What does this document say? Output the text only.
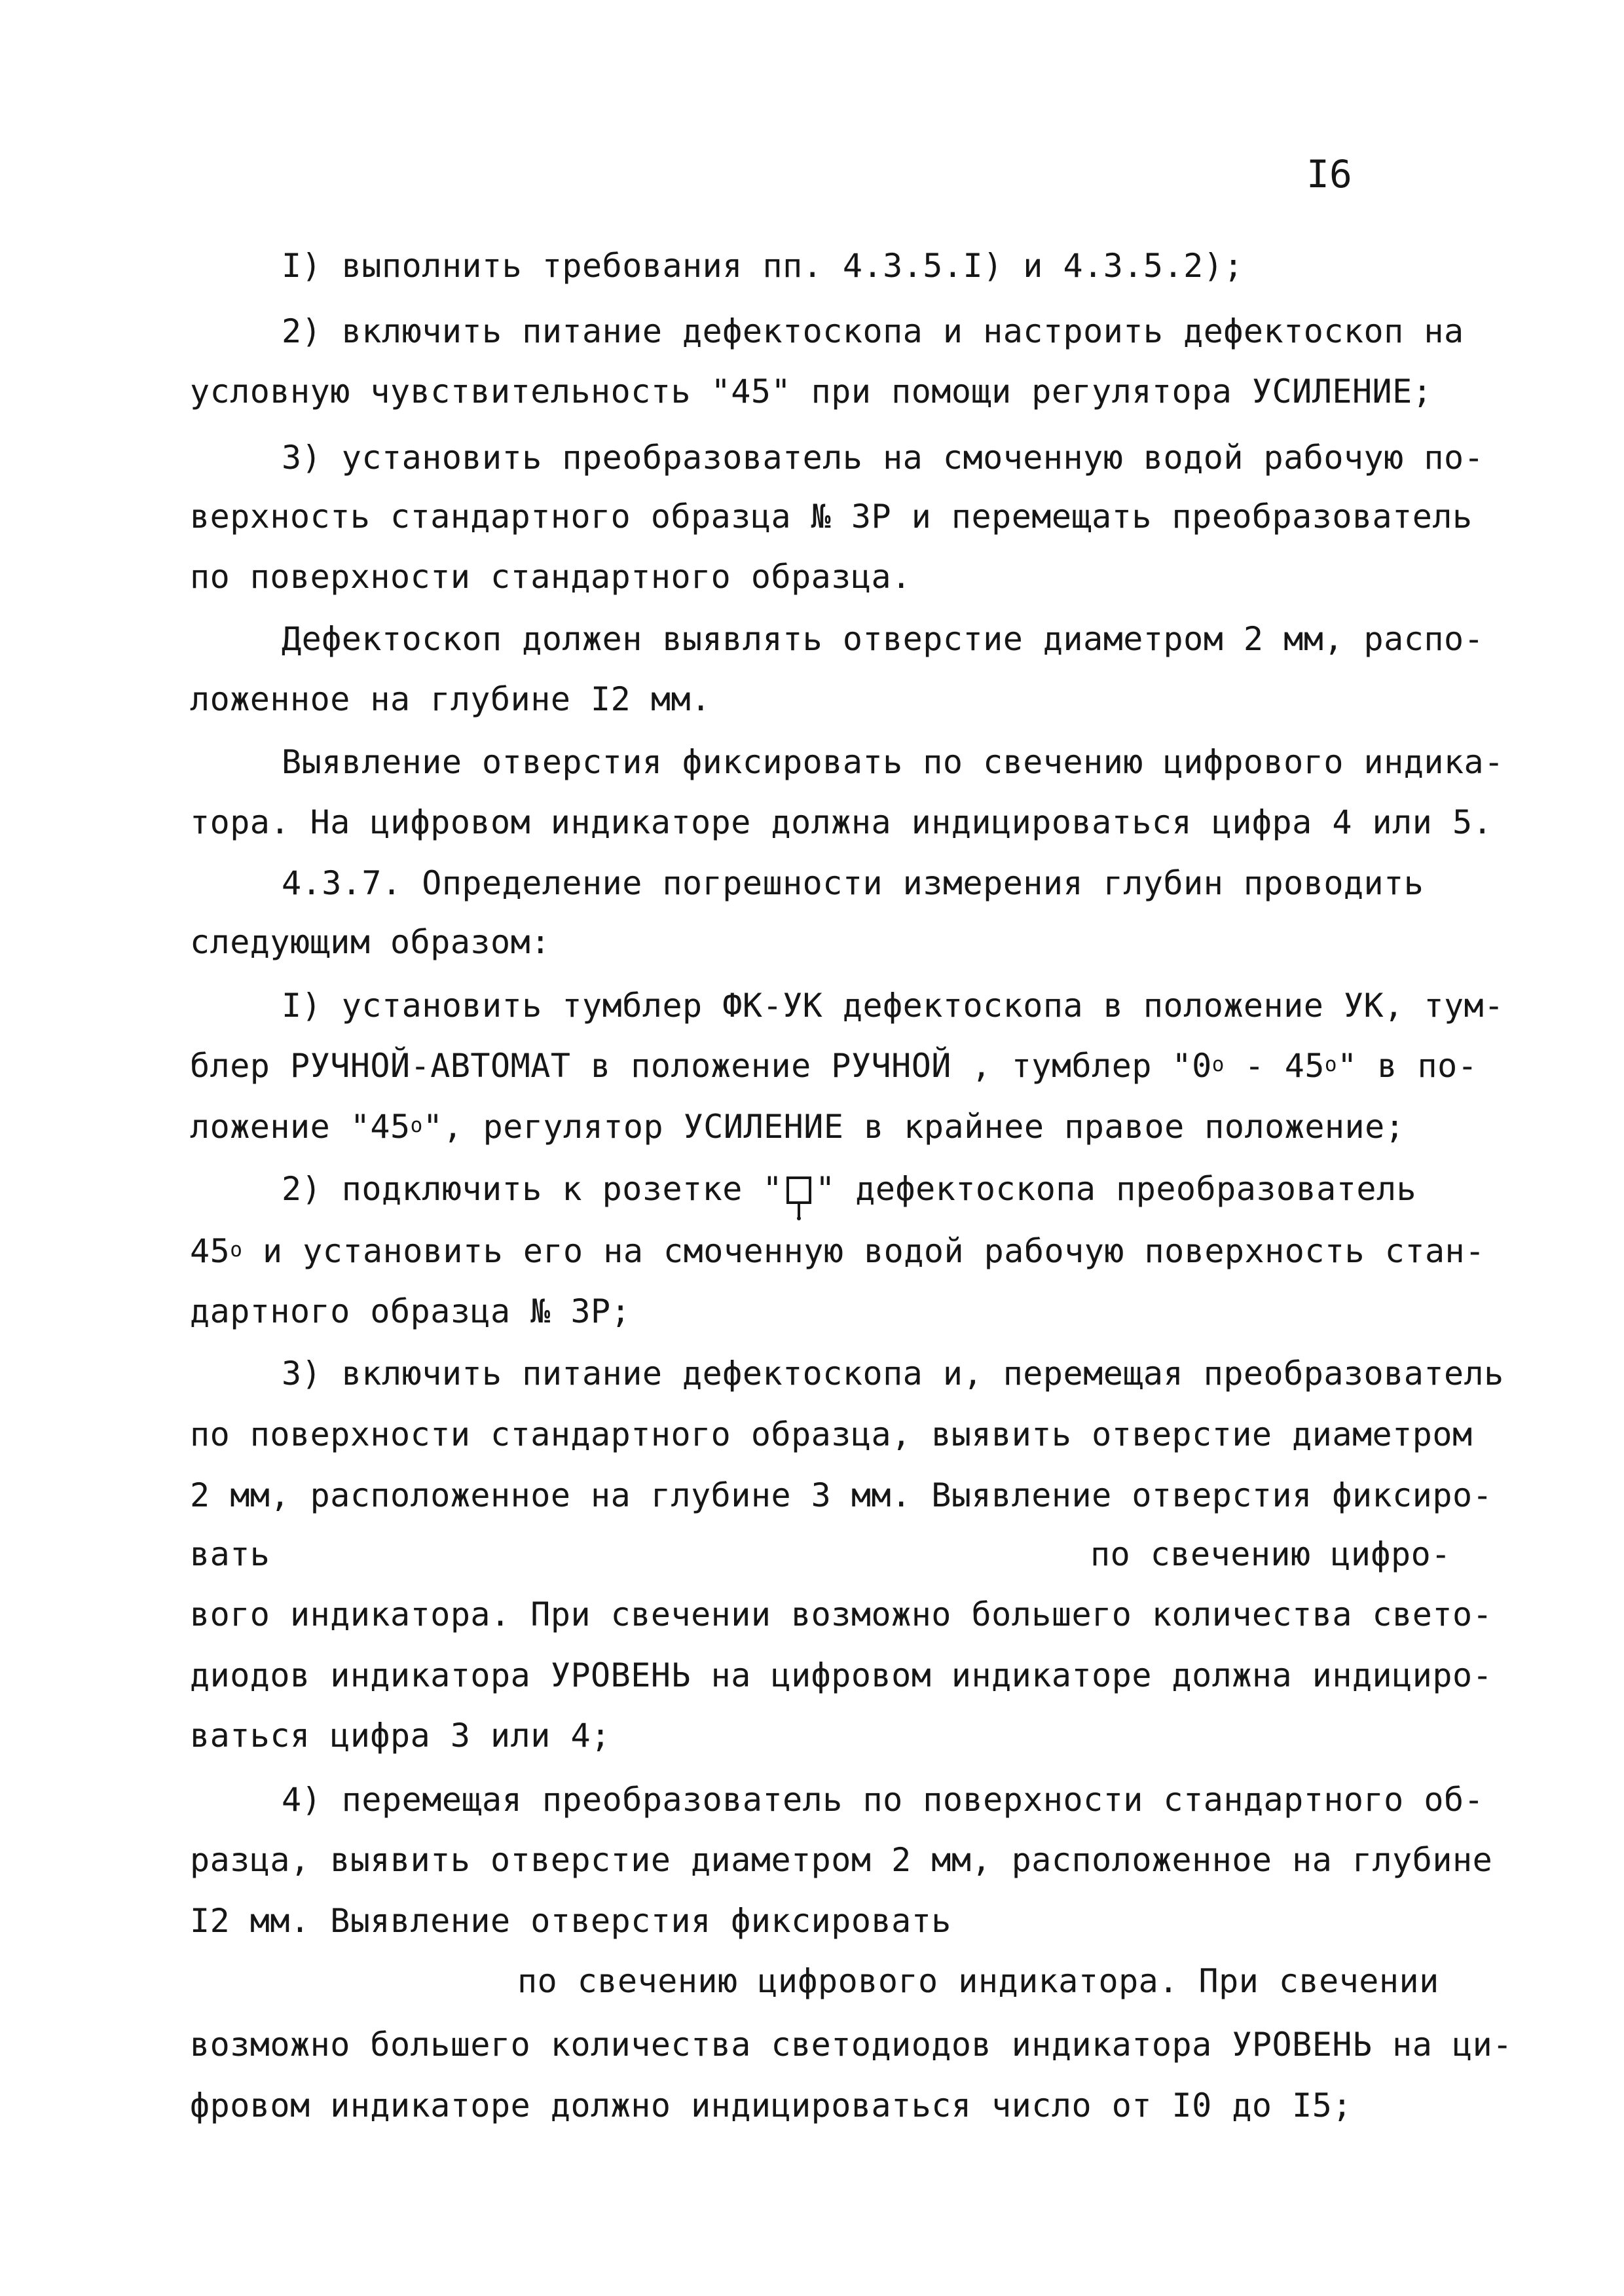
I6
I) выполнить требования пп. 4.3.5.I) и 4.3.5.2);
2) включить питание дефектоскопа и настроить дефектоскоп на
условную чувствительность "45" при помощи регулятора УСИЛЕНИЕ;
3) установить преобразователь на смоченную водой рабочую по-
верхность стандартного образца № 3Р и перемещать преобразователь
по поверхности стандартного образца.
Дефектоскоп должен выявлять отверстие диаметром 2 мм, распо-
ложенное на глубине I2 мм.
Выявление отверстия фиксировать по свечению цифрового индика-
тора. На цифровом индикаторе должна индицироваться цифра 4 или 5.
4.3.7. Определение погрешности измерения глубин проводить
следующим образом:
I) установить тумблер ФК-УК дефектоскопа в положение УК, тум-
блер РУЧНОЙ-АВТОМАТ в положение РУЧНОЙ , тумблер "$0^о - 45^о$" в по-
ложение "$45^о$", регулятор УСИЛЕНИЕ в крайнее правое положение;
2) подключить к розетке " " дефектоскопа преобразователь
$45^о$ и установить его на смоченную водой рабочую поверхность стан-
дартного образца № 3Р;
3) включить питание дефектоскопа и, перемещая преобразователь
по поверхности стандартного образца, выявить отверстие диаметром
2 мм, расположенное на глубине 3 мм. Выявление отверстия фиксиро-
вать	по свечению цифро-
вого индикатора. При свечении возможно большего количества свето-
диодов индикатора УРОВЕНЬ на цифровом индикаторе должна индициро-
ваться цифра 3 или 4;
4) перемещая преобразователь по поверхности стандартного об-
разца, выявить отверстие диаметром 2 мм, расположенное на глубине
I2 мм. Выявление отверстия фиксировать
по свечению цифрового индикатора. При свечении
возможно большего количества светодиодов индикатора УРОВЕНЬ на ци-
фровом индикаторе должно индицироваться число от I0 до I5;
